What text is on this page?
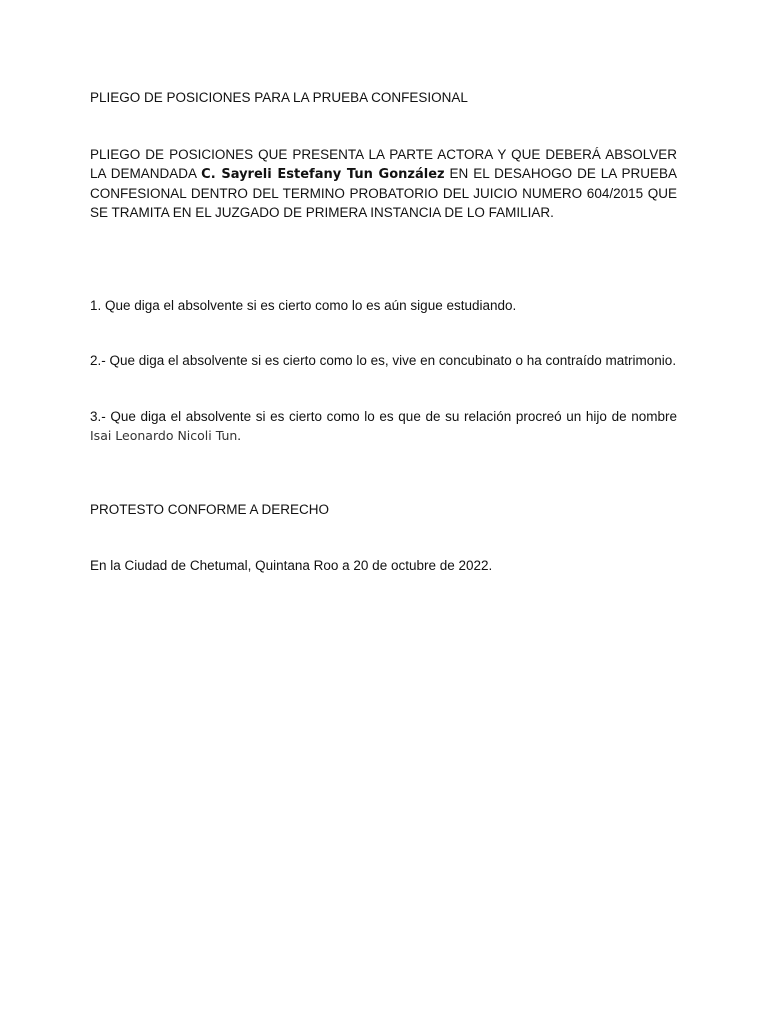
PLIEGO DE POSICIONES PARA LA PRUEBA CONFESIONAL

PLIEGO DE POSICIONES QUE PRESENTA LA PARTE ACTORA Y QUE DEBERÁ ABSOLVER LA DEMANDADA C. Sayreli Estefany Tun González EN EL DESAHOGO DE LA PRUEBA CONFESIONAL DENTRO DEL TERMINO PROBATORIO DEL JUICIO NUMERO 604/2015 QUE SE TRAMITA EN EL JUZGADO DE PRIMERA INSTANCIA DE LO FAMILIAR.

1. Que diga el absolvente si es cierto como lo es aún sigue estudiando.

2.- Que diga el absolvente si es cierto como lo es, vive en concubinato o ha contraído matrimonio.

3.- Que diga el absolvente si es cierto como lo es que de su relación procreó un hijo de nombre Isai Leonardo Nicoli Tun.

PROTESTO CONFORME A DERECHO

En la Ciudad de Chetumal, Quintana Roo a 20 de octubre de 2022.
